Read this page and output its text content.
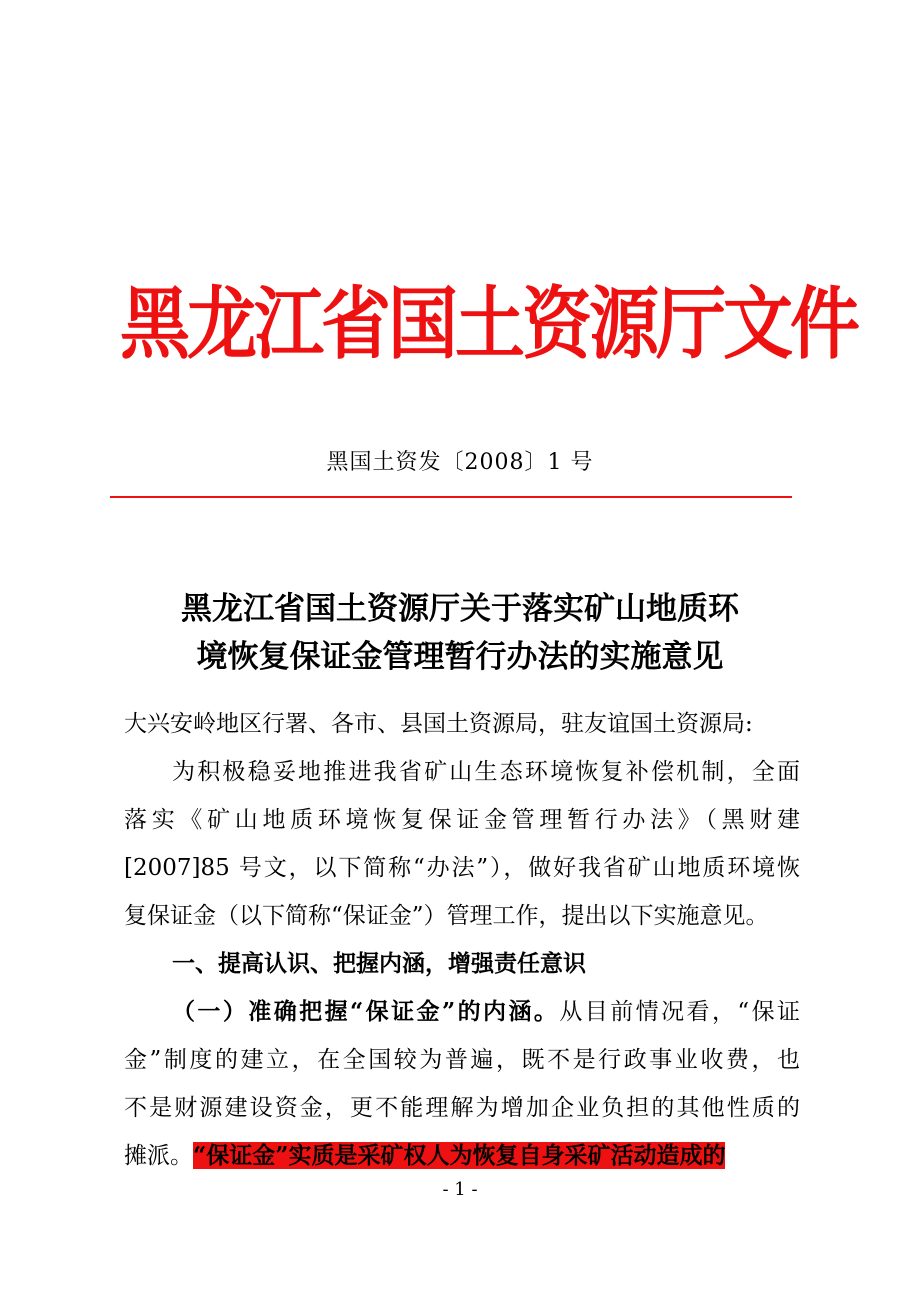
黑龙江省国土资源厅文件
黑国土资发〔2008〕1 号
黑龙江省国土资源厅关于落实矿山地质环
境恢复保证金管理暂行办法的实施意见
大兴安岭地区行署、各市、县国土资源局，驻友谊国土资源局:
为积极稳妥地推进我省矿山生态环境恢复补偿机制，全面
落实《矿山地质环境恢复保证金管理暂行办法》（黑财建
[2007]85 号文，以下简称“办法”），做好我省矿山地质环境恢
复保证金（以下简称“保证金”）管理工作，提出以下实施意见。
一、提高认识、把握内涵，增强责任意识
（一）准确把握“保证金”的内涵。从目前情况看，“保证
金”制度的建立，在全国较为普遍，既不是行政事业收费，也
不是财源建设资金，更不能理解为增加企业负担的其他性质的
摊派。“保证金”实质是采矿权人为恢复自身采矿活动造成的
- 1 -
